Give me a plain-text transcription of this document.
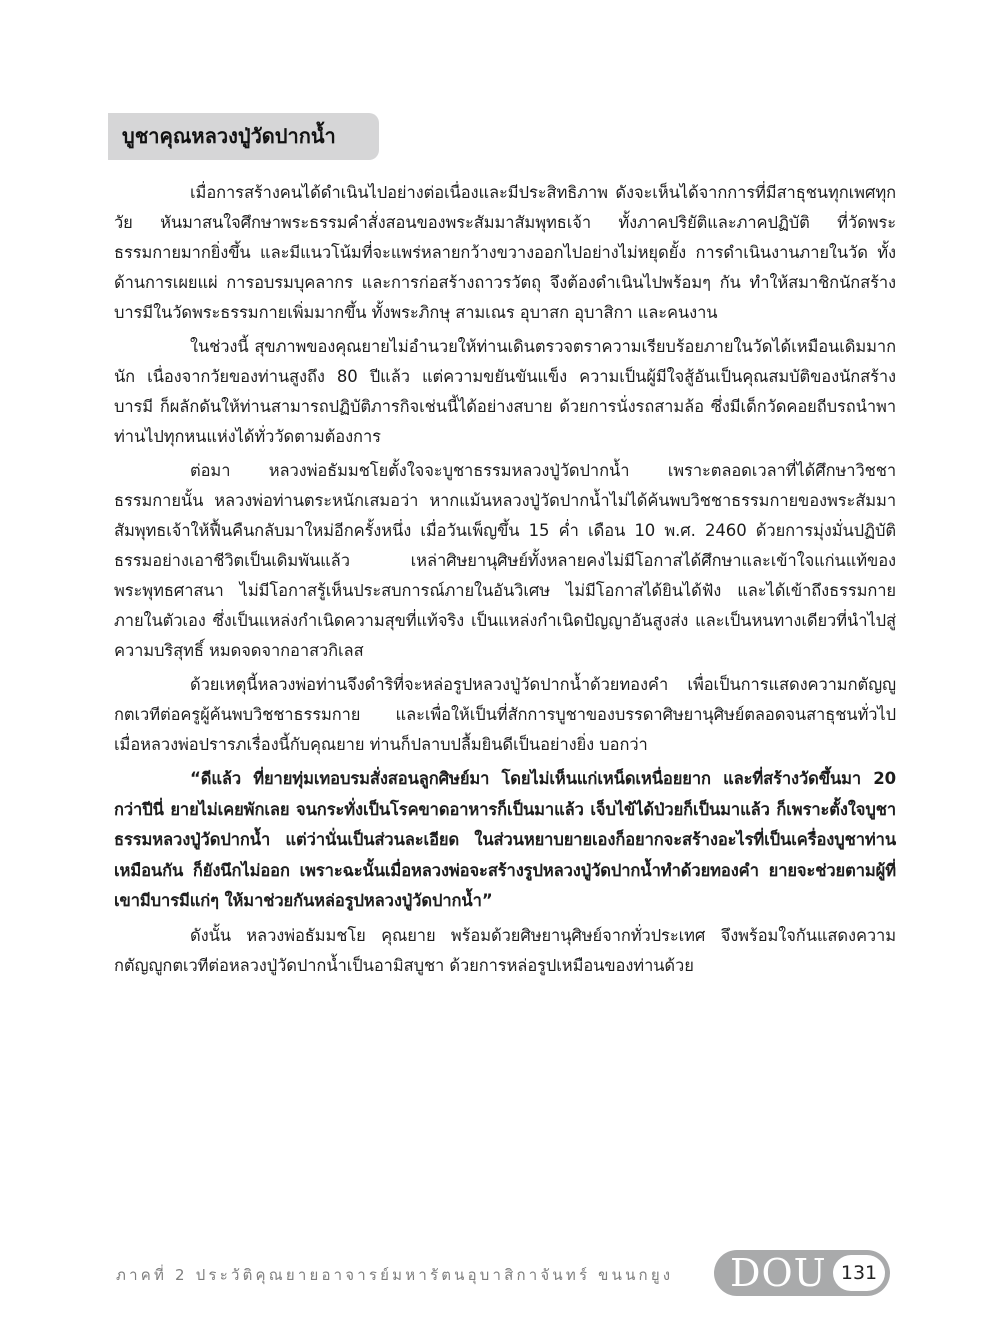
บูชาคุณหลวงปู่วัดปากน้ำ

เมื่อการสร้างคนได้ดำเนินไปอย่างต่อเนื่องและมีประสิทธิภาพ ดังจะเห็นได้จากการที่มีสาธุชนทุกเพศทุกวัย หันมาสนใจศึกษาพระธรรมคำสั่งสอนของพระสัมมาสัมพุทธเจ้า ทั้งภาคปริยัติและภาคปฏิบัติ ที่วัดพระธรรมกายมากยิ่งขึ้น และมีแนวโน้มที่จะแพร่หลายกว้างขวางออกไปอย่างไม่หยุดยั้ง การดำเนินงานภายในวัด ทั้งด้านการเผยแผ่ การอบรมบุคลากร และการก่อสร้างถาวรวัตถุ จึงต้องดำเนินไปพร้อมๆ กัน ทำให้สมาชิกนักสร้างบารมีในวัดพระธรรมกายเพิ่มมากขึ้น ทั้งพระภิกษุ สามเณร อุบาสก อุบาสิกา และคนงาน

ในช่วงนี้ สุขภาพของคุณยายไม่อำนวยให้ท่านเดินตรวจตราความเรียบร้อยภายในวัดได้เหมือนเดิมมากนัก เนื่องจากวัยของท่านสูงถึง 80 ปีแล้ว แต่ความขยันขันแข็ง ความเป็นผู้มีใจสู้อันเป็นคุณสมบัติของนักสร้างบารมี ก็ผลักดันให้ท่านสามารถปฏิบัติภารกิจเช่นนี้ได้อย่างสบาย ด้วยการนั่งรถสามล้อ ซึ่งมีเด็กวัดคอยถีบรถนำพาท่านไปทุกหนแห่งได้ทั่ววัดตามต้องการ

ต่อมา หลวงพ่อธัมมชโยตั้งใจจะบูชาธรรมหลวงปู่วัดปากน้ำ เพราะตลอดเวลาที่ได้ศึกษาวิชชาธรรมกายนั้น หลวงพ่อท่านตระหนักเสมอว่า หากแม้นหลวงปู่วัดปากน้ำไม่ได้ค้นพบวิชชาธรรมกายของพระสัมมาสัมพุทธเจ้าให้ฟื้นคืนกลับมาใหม่อีกครั้งหนึ่ง เมื่อวันเพ็ญขึ้น 15 ค่ำ เดือน 10 พ.ศ. 2460 ด้วยการมุ่งมั่นปฏิบัติธรรมอย่างเอาชีวิตเป็นเดิมพันแล้ว เหล่าศิษยานุศิษย์ทั้งหลายคงไม่มีโอกาสได้ศึกษาและเข้าใจแก่นแท้ของพระพุทธศาสนา ไม่มีโอกาสรู้เห็นประสบการณ์ภายในอันวิเศษ ไม่มีโอกาสได้ยินได้ฟัง และได้เข้าถึงธรรมกายภายในตัวเอง ซึ่งเป็นแหล่งกำเนิดความสุขที่แท้จริง เป็นแหล่งกำเนิดปัญญาอันสูงส่ง และเป็นหนทางเดียวที่นำไปสู่ความบริสุทธิ์ หมดจดจากอาสวกิเลส

ด้วยเหตุนี้หลวงพ่อท่านจึงดำริที่จะหล่อรูปหลวงปู่วัดปากน้ำด้วยทองคำ เพื่อเป็นการแสดงความกตัญญูกตเวทีต่อครูผู้ค้นพบวิชชาธรรมกาย และเพื่อให้เป็นที่สักการบูชาของบรรดาศิษยานุศิษย์ตลอดจนสาธุชนทั่วไป เมื่อหลวงพ่อปรารภเรื่องนี้กับคุณยาย ท่านก็ปลาบปลื้มยินดีเป็นอย่างยิ่ง บอกว่า

“ดีแล้ว ที่ยายทุ่มเทอบรมสั่งสอนลูกศิษย์มา โดยไม่เห็นแก่เหน็ดเหนื่อยยาก และที่สร้างวัดขึ้นมา 20 กว่าปีนี่ ยายไม่เคยพักเลย จนกระทั่งเป็นโรคขาดอาหารก็เป็นมาแล้ว เจ็บไข้ได้ป่วยก็เป็นมาแล้ว ก็เพราะตั้งใจบูชาธรรมหลวงปู่วัดปากน้ำ แต่ว่านั่นเป็นส่วนละเอียด ในส่วนหยาบยายเองก็อยากจะสร้างอะไรที่เป็นเครื่องบูชาท่านเหมือนกัน ก็ยังนึกไม่ออก เพราะฉะนั้นเมื่อหลวงพ่อจะสร้างรูปหลวงปู่วัดปากน้ำทำด้วยทองคำ ยายจะช่วยตามผู้ที่เขามีบารมีแก่ๆ ให้มาช่วยกันหล่อรูปหลวงปู่วัดปากน้ำ”

ดังนั้น หลวงพ่อธัมมชโย คุณยาย พร้อมด้วยศิษยานุศิษย์จากทั่วประเทศ จึงพร้อมใจกันแสดงความกตัญญูกตเวทีต่อหลวงปู่วัดปากน้ำเป็นอามิสบูชา ด้วยการหล่อรูปเหมือนของท่านด้วย

ภาคที่ 2 ประวัติคุณยายอาจารย์มหารัตนอุบาสิกาจันทร์ ขนนกยูง DOU 131
